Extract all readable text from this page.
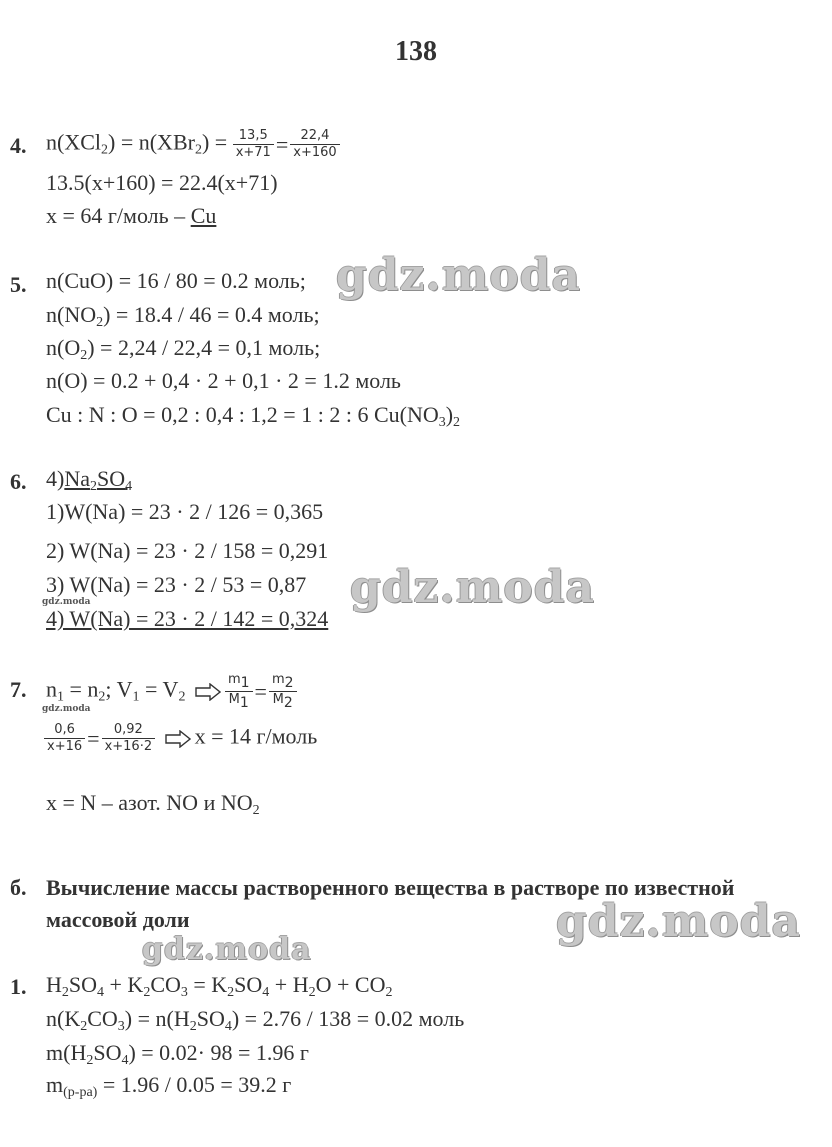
138
4. $n(XCl_2) = n(XBr_2) = \frac{13,5}{x+71} = \frac{22,4}{x+160}$
13.5(x+160) = 22.4(x+71)
x = 64 г/моль – Cu
5. n(CuO) = 16 / 80 = 0.2 моль; gdz.moda
$n(NO_2) = 18.4 / 46 = 0.4$ моль;
$n(O_2) = 2,24 / 22,4 = 0,1$ моль;
n(O) = 0.2 + 0,4 · 2 + 0,1 · 2 = 1.2 моль
Cu : N : O = 0,2 : 0,4 : 1,2 = 1 : 2 : 6 $Cu(NO_3)_2$
6. $4)Na_2SO_4$
1)W(Na) = 23 · 2 / 126 = 0,365
2) W(Na) = 23 · 2 / 158 = 0,291
3) W(Na) = 23 · 2 / 53 = 0,87 gdz.moda
gdz.moda
4) W(Na) = 23 · 2 / 142 = 0,324
7. $n_1 = n_2$; $V_1 = V_2$	$\frac{m_1}{M_1} = \frac{m_2}{M_2}$
gdz.moda
$\frac{0,6}{x+16} = \frac{0,92}{x+16\cdot 2}$ x = 14 г/моль
x = N – азот. NO и $NO_2$
б. Вычисление массы растворенного вещества в растворе по известной
массовой доли	gdz.moda
gdz.moda
1. $H_2SO_4 + K_2CO_3 = K_2SO_4 + H_2O + CO_2$
$n(K_2CO_3) = n(H_2SO_4) = 2.76 / 138 = 0.02$ моль
$m(H_2SO_4) = 0.02\cdot 98 = 1.96$ г
$m_{(р-ра)} = 1.96 / 0.05 = 39.2$ г
